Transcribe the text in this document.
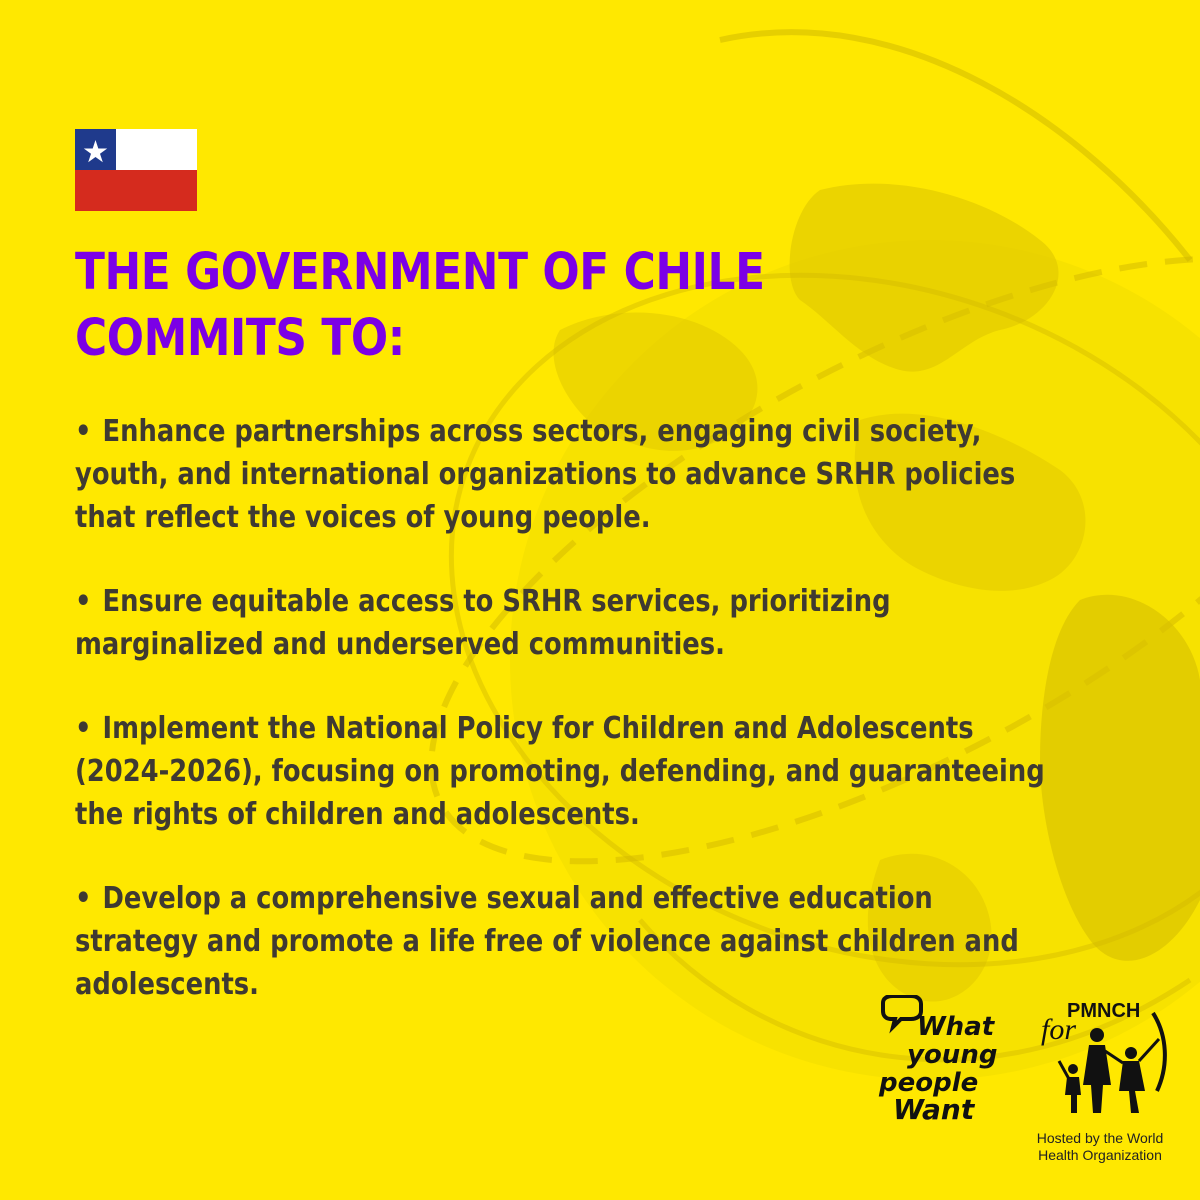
THE GOVERNMENT OF CHILE
COMMITS TO:
• Enhance partnerships across sectors, engaging civil society, youth, and international organizations to advance SRHR policies that reflect the voices of young people.
• Ensure equitable access to SRHR services, prioritizing marginalized and underserved communities.
• Implement the National Policy for Children and Adolescents (2024-2026), focusing on promoting, defending, and guaranteeing the rights of children and adolescents.
• Develop a comprehensive sexual and effective education strategy and promote a life free of violence against children and adolescents.
What
young
people
Want
for
PMNCH

Hosted by the World
Health Organization
